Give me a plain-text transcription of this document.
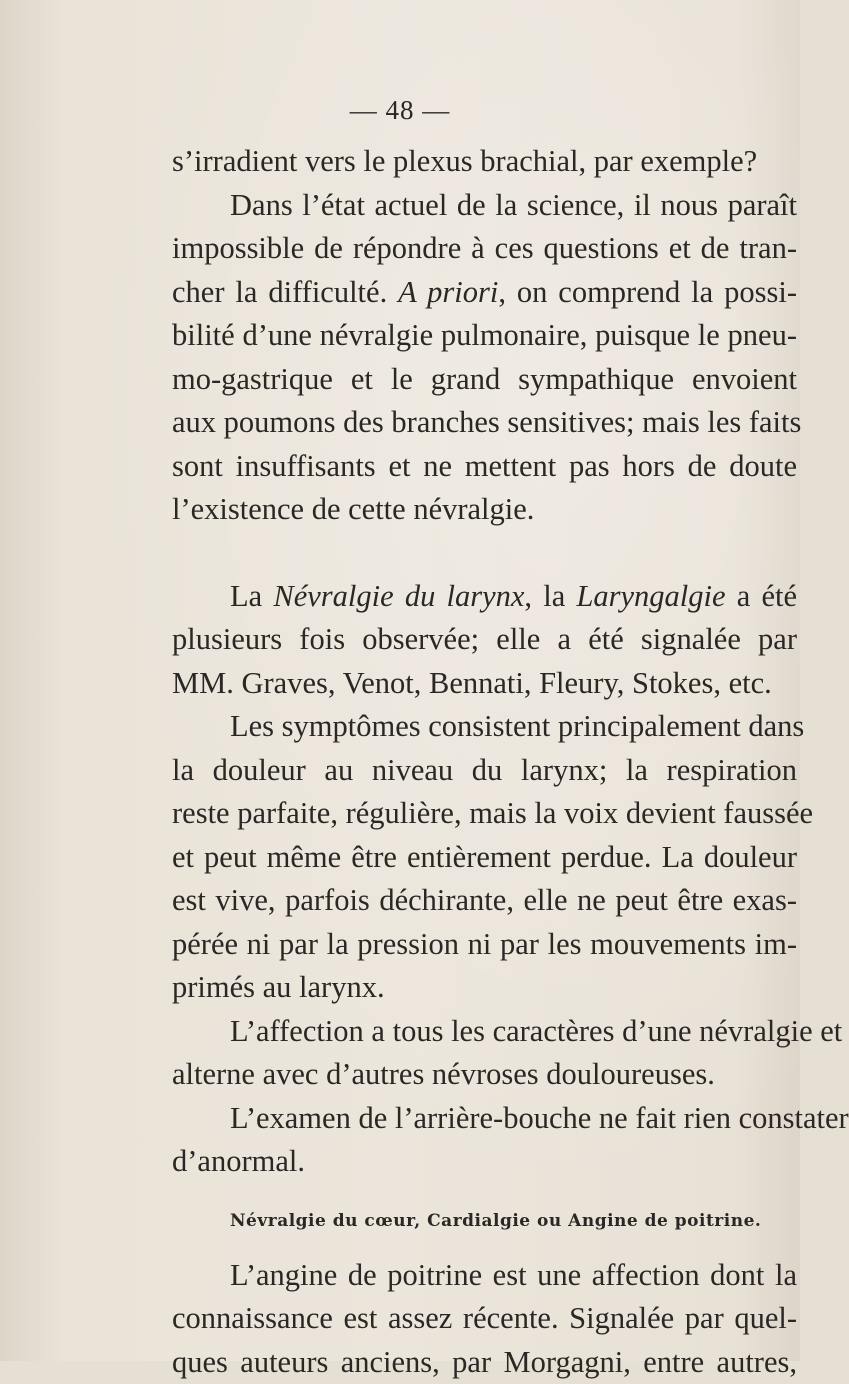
— 48 —
s’irradient vers le plexus brachial, par exemple?
Dans l’état actuel de la science, il nous paraît
impossible de répondre à ces questions et de tran-
cher la difficulté. A priori, on comprend la possi-
bilité d’une névralgie pulmonaire, puisque le pneu-
mo-gastrique et le grand sympathique envoient
aux poumons des branches sensitives; mais les faits
sont insuffisants et ne mettent pas hors de doute
l’existence de cette névralgie.
La Névralgie du larynx, la Laryngalgie a été
plusieurs fois observée; elle a été signalée par
MM. Graves, Venot, Bennati, Fleury, Stokes, etc.
Les symptômes consistent principalement dans
la douleur au niveau du larynx; la respiration
reste parfaite, régulière, mais la voix devient faussée
et peut même être entièrement perdue. La douleur
est vive, parfois déchirante, elle ne peut être exas-
pérée ni par la pression ni par les mouvements im-
primés au larynx.
L’affection a tous les caractères d’une névralgie et
alterne avec d’autres névroses douloureuses.
L’examen de l’arrière-bouche ne fait rien constater
d’anormal.
Névralgie du cœur, Cardialgie ou Angine de poitrine.
L’angine de poitrine est une affection dont la
connaissance est assez récente. Signalée par quel-
ques auteurs anciens, par Morgagni, entre autres,
